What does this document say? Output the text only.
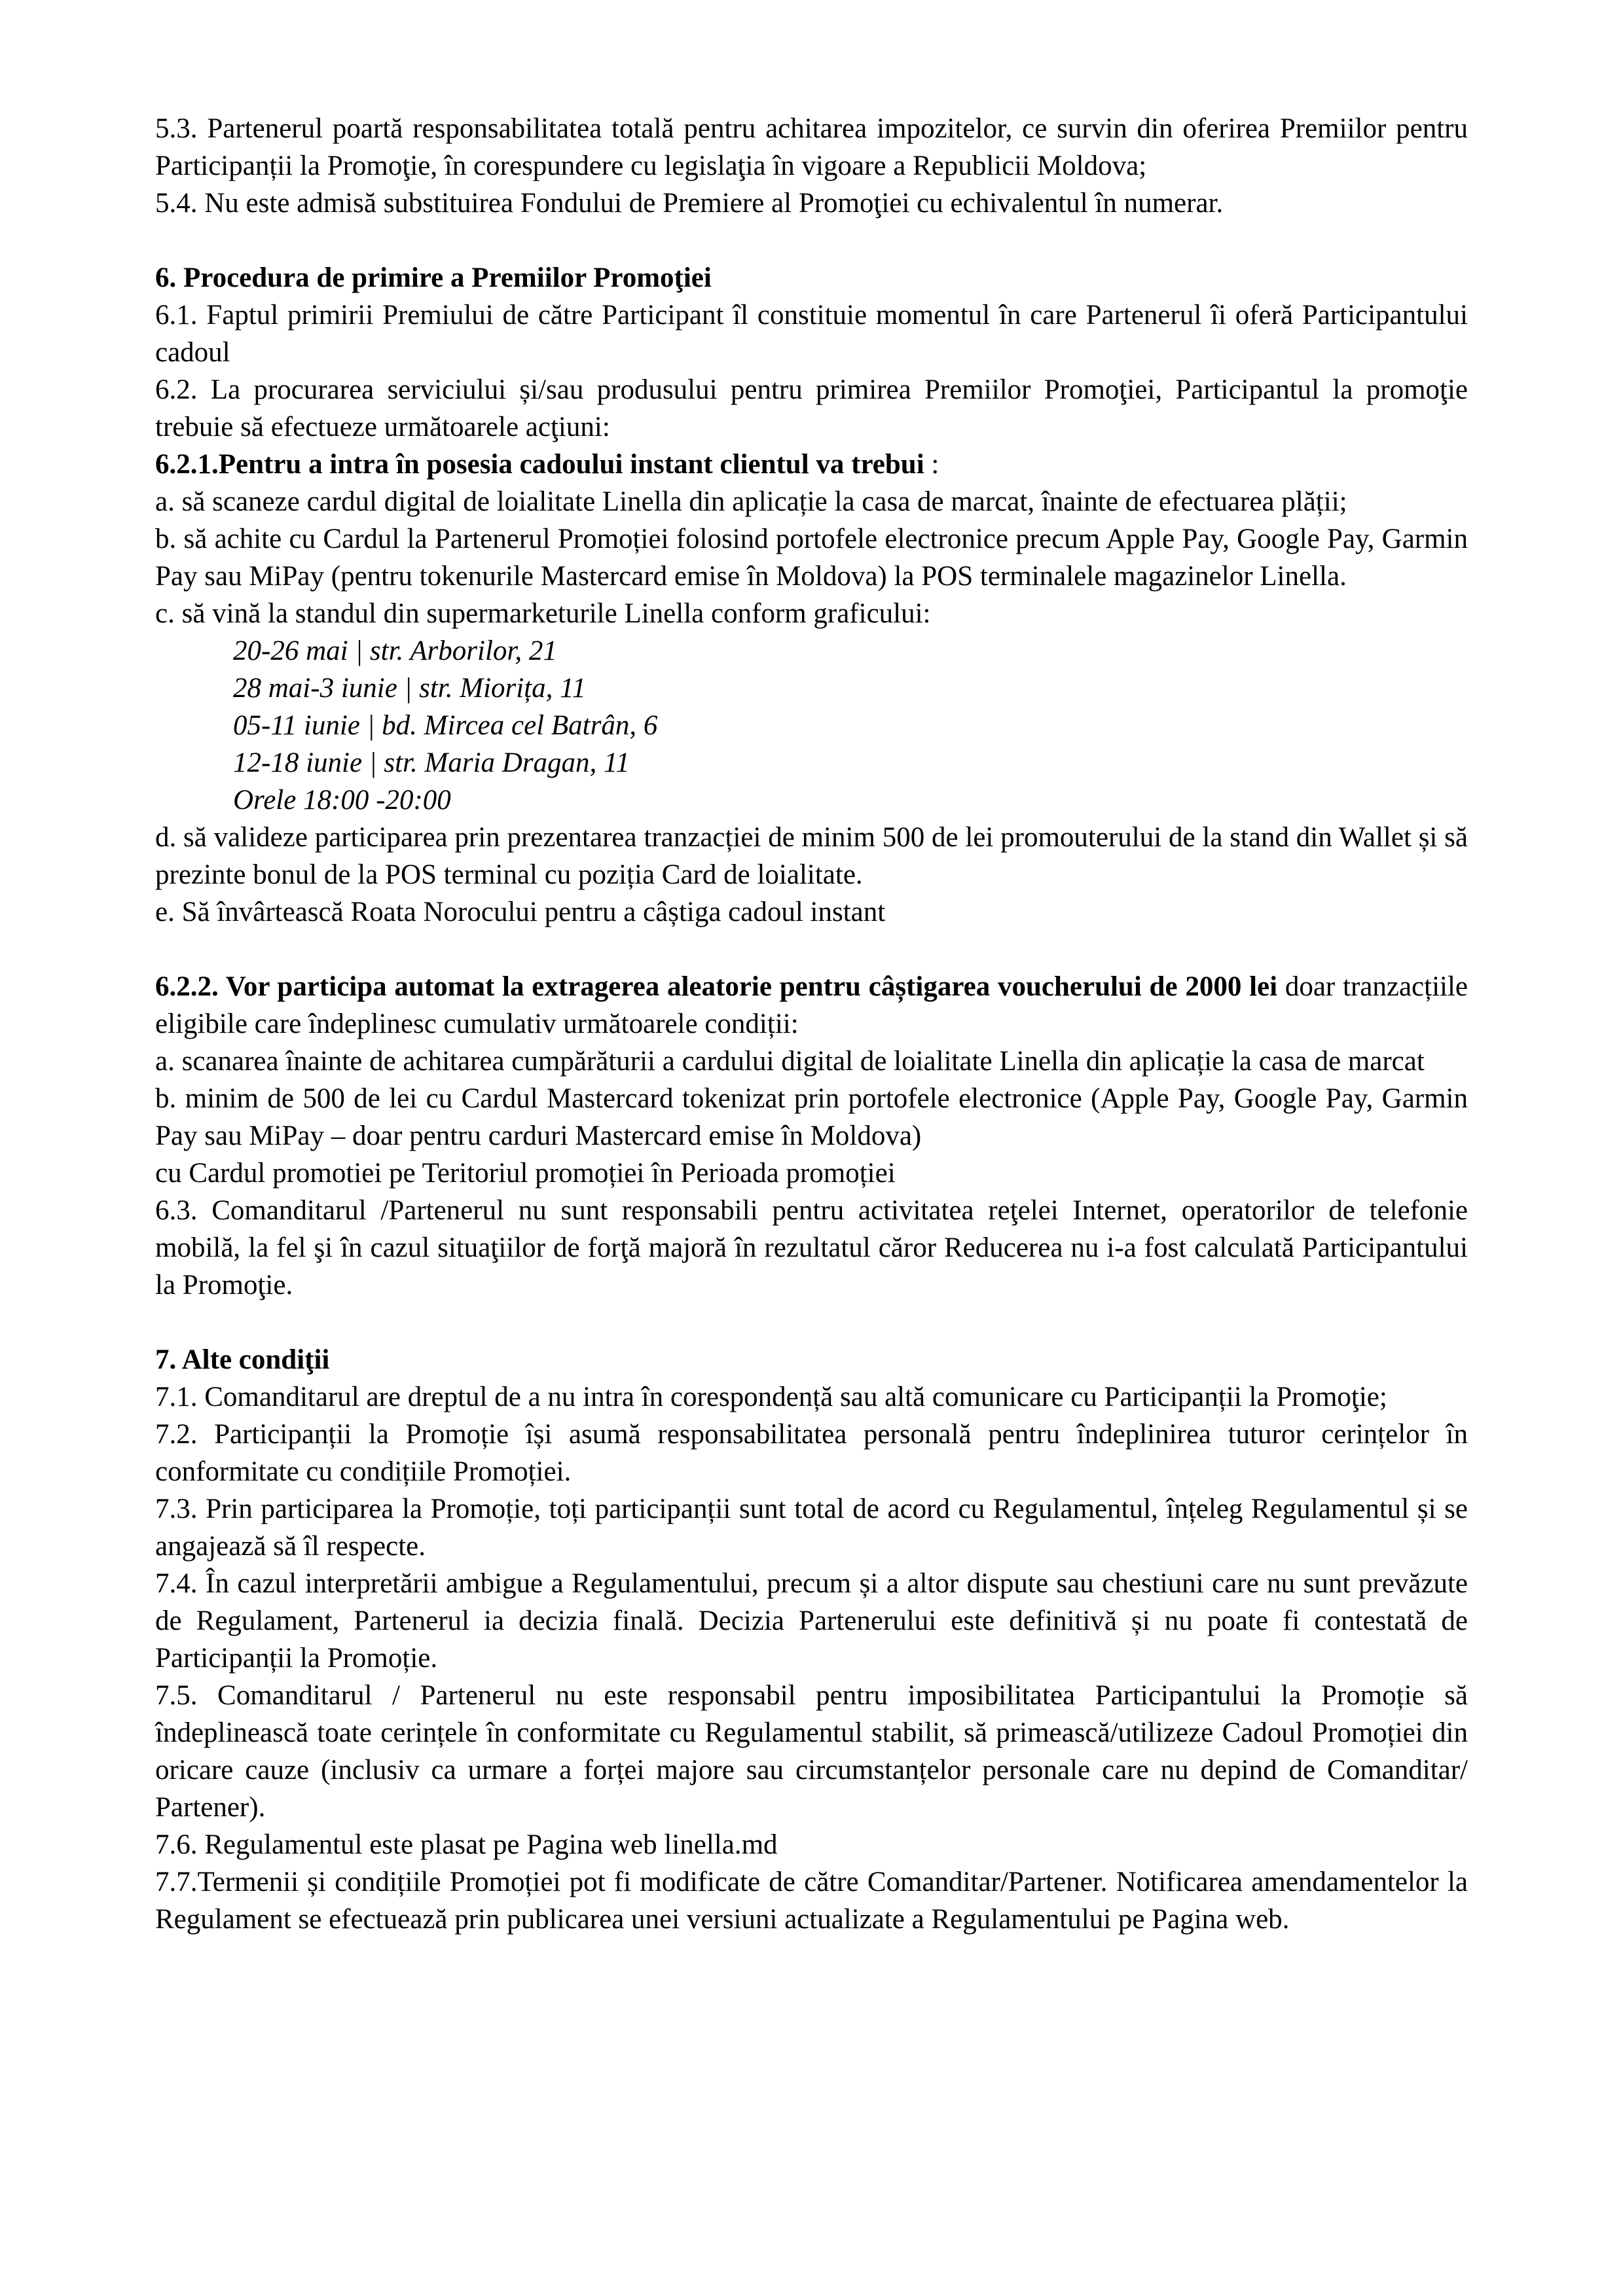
5.3. Partenerul poartă responsabilitatea totală pentru achitarea impozitelor, ce survin din oferirea Premiilor pentru Participanții la Promoţie, în corespundere cu legislaţia în vigoare a Republicii Moldova;

5.4. Nu este admisă substituirea Fondului de Premiere al Promoţiei cu echivalentul în numerar.

6. Procedura de primire a Premiilor Promoţiei

6.1. Faptul primirii Premiului de către Participant îl constituie momentul în care Partenerul îi oferă Participantului cadoul

6.2. La procurarea serviciului și/sau produsului pentru primirea Premiilor Promoţiei, Participantul la promoţie trebuie să efectueze următoarele acţiuni:

6.2.1.Pentru a intra în posesia cadoului instant clientul va trebui :

a. să scaneze cardul digital de loialitate Linella din aplicație la casa de marcat, înainte de efectuarea plății;

b. să achite cu Cardul la Partenerul Promoției folosind portofele electronice precum Apple Pay, Google Pay, Garmin Pay sau MiPay (pentru tokenurile Mastercard emise în Moldova) la POS terminalele magazinelor Linella.

c. să vină la standul din supermarketurile Linella conform graficului:

20-26 mai | str. Arborilor, 21

28 mai-3 iunie | str. Miorița, 11

05-11 iunie | bd. Mircea cel Batrân, 6

12-18 iunie | str. Maria Dragan, 11

Orele 18:00 -20:00

d. să valideze participarea prin prezentarea tranzacției de minim 500 de lei promouterului de la stand din Wallet și să prezinte bonul de la POS terminal cu poziția Card de loialitate.

e. Să învârtească Roata Norocului pentru a câștiga cadoul instant

6.2.2. Vor participa automat la extragerea aleatorie pentru câștigarea voucherului de 2000 lei doar tranzacțiile eligibile care îndeplinesc cumulativ următoarele condiții:

a. scanarea înainte de achitarea cumpărăturii a cardului digital de loialitate Linella din aplicație la casa de marcat

b. minim de 500 de lei cu Cardul Mastercard tokenizat prin portofele electronice (Apple Pay, Google Pay, Garmin Pay sau MiPay – doar pentru carduri Mastercard emise în Moldova)

cu Cardul promotiei pe Teritoriul promoției în Perioada promoției

6.3. Comanditarul /Partenerul nu sunt responsabili pentru activitatea reţelei Internet, operatorilor de telefonie mobilă, la fel şi în cazul situaţiilor de forţă majoră în rezultatul căror Reducerea nu i-a fost calculată Participantului la Promoţie.

7. Alte condiţii

7.1. Comanditarul are dreptul de a nu intra în corespondență sau altă comunicare cu Participanții la Promoţie;

7.2. Participanții la Promoție își asumă responsabilitatea personală pentru îndeplinirea tuturor cerințelor în conformitate cu condițiile Promoției.

7.3. Prin participarea la Promoție, toți participanții sunt total de acord cu Regulamentul, înțeleg Regulamentul și se angajează să îl respecte.

7.4. În cazul interpretării ambigue a Regulamentului, precum și a altor dispute sau chestiuni care nu sunt prevăzute de Regulament, Partenerul ia decizia finală. Decizia Partenerului este definitivă și nu poate fi contestată de Participanții la Promoție.

7.5. Comanditarul / Partenerul nu este responsabil pentru imposibilitatea Participantului la Promoție să îndeplinească toate cerințele în conformitate cu Regulamentul stabilit, să primească/utilizeze Cadoul Promoției din oricare cauze (inclusiv ca urmare a forței majore sau circumstanțelor personale care nu depind de Comanditar/ Partener).

7.6. Regulamentul este plasat pe Pagina web linella.md

7.7.Termenii și condițiile Promoției pot fi modificate de către Comanditar/Partener. Notificarea amendamentelor la Regulament se efectuează prin publicarea unei versiuni actualizate a Regulamentului pe Pagina web.
